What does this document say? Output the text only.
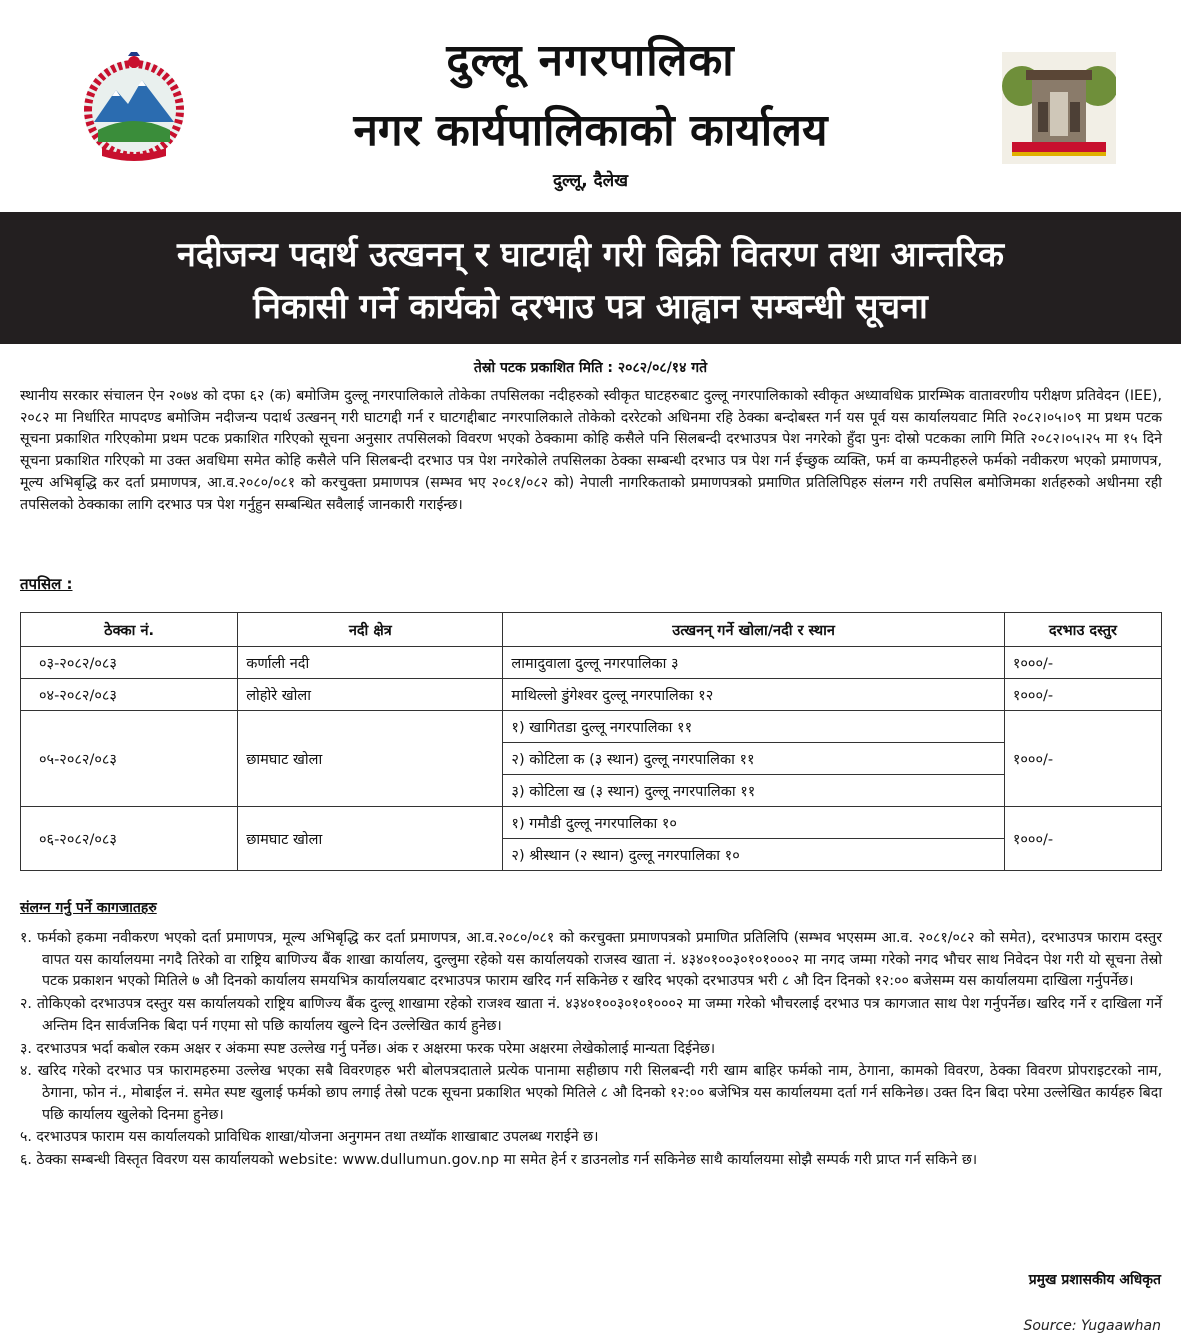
दुल्लू नगरपालिका
नगर कार्यपालिकाको कार्यालय
दुल्लू, दैलेख
नदीजन्य पदार्थ उत्खनन् र घाटगद्दी गरी बिक्री वितरण तथा आन्तरिक
निकासी गर्ने कार्यको दरभाउ पत्र आह्वान सम्बन्धी सूचना
तेस्रो पटक प्रकाशित मिति : २०८२/०८/१४ गते
स्थानीय सरकार संचालन ऐन २०७४ को दफा ६२ (क) बमोजिम दुल्लू नगरपालिकाले तोकेका तपसिलका नदीहरुको स्वीकृत घाटहरुबाट दुल्लू नगरपालिकाको स्वीकृत अध्यावधिक प्रारम्भिक वातावरणीय परीक्षण प्रतिवेदन (IEE), २०८२ मा निर्धारित मापदण्ड बमोजिम नदीजन्य पदार्थ उत्खनन् गरी घाटगद्दी गर्न र घाटगद्दीबाट नगरपालिकाले तोकेको दररेटको अधिनमा रहि ठेक्का बन्दोबस्त गर्न यस पूर्व यस कार्यालयवाट मिति २०८२।०५।०९ मा प्रथम पटक सूचना प्रकाशित गरिएकोमा प्रथम पटक प्रकाशित गरिएको सूचना अनुसार तपसिलको विवरण भएको ठेक्कामा कोहि कसैले पनि सिलबन्दी दरभाउपत्र पेश नगरेको हुँदा पुनः दोस्रो पटकका लागि मिति २०८२।०५।२५ मा १५ दिने सूचना प्रकाशित गरिएको मा उक्त अवधिमा समेत कोहि कसैले पनि सिलबन्दी दरभाउ पत्र पेश नगरेकोले तपसिलका ठेक्का सम्बन्धी दरभाउ पत्र पेश गर्न ईच्छुक व्यक्ति, फर्म वा कम्पनीहरुले फर्मको नवीकरण भएको प्रमाणपत्र, मूल्य अभिबृद्धि कर दर्ता प्रमाणपत्र, आ.व.२०८०/०८१ को करचुक्ता प्रमाणपत्र (सम्भव भए २०८१/०८२ को) नेपाली नागरिकताको प्रमाणपत्रको प्रमाणित प्रतिलिपिहरु संलग्न गरी तपसिल बमोजिमका शर्तहरुको अधीनमा रही तपसिलको ठेक्काका लागि दरभाउ पत्र पेश गर्नुहुन सम्बन्धित सवैलाई जानकारी गराईन्छ।
तपसिल :
ठेक्का नं.	नदी क्षेत्र	उत्खनन् गर्ने खोला/नदी र स्थान	दरभाउ दस्तुर
०३-२०८२/०८३	कर्णाली नदी	लामादुवाला दुल्लू नगरपालिका ३	१०००/-
०४-२०८२/०८३	लोहोरे खोला	माथिल्लो डुंगेश्वर दुल्लू नगरपालिका १२	१०००/-
०५-२०८२/०८३	छामघाट खोला	१) खागितडा दुल्लू नगरपालिका ११	१०००/-
		२) कोटिला क (३ स्थान) दुल्लू नगरपालिका ११	
		३) कोटिला ख (३ स्थान) दुल्लू नगरपालिका ११	
०६-२०८२/०८३	छामघाट खोला	१) गमौडी दुल्लू नगरपालिका १०	१०००/-
		२) श्रीस्थान (२ स्थान) दुल्लू नगरपालिका १०	
संलग्न गर्नु पर्ने कागजातहरु
१. फर्मको हकमा नवीकरण भएको दर्ता प्रमाणपत्र, मूल्य अभिबृद्धि कर दर्ता प्रमाणपत्र, आ.व.२०८०/०८१ को करचुक्ता प्रमाणपत्रको प्रमाणित प्रतिलिपि (सम्भव भएसम्म आ.व. २०८१/०८२ को समेत), दरभाउपत्र फाराम दस्तुर वापत यस कार्यालयमा नगदै तिरेको वा राष्ट्रिय बाणिज्य बैंक शाखा कार्यालय, दुल्लुमा रहेको यस कार्यालयको राजस्व खाता नं. ४३४०१००३०१०१०००२ मा नगद जम्मा गरेको नगद भौचर साथ निवेदन पेश गरी यो सूचना तेस्रो पटक प्रकाशन भएको मितिले ७ औ दिनको कार्यालय समयभित्र कार्यालयबाट दरभाउपत्र फाराम खरिद गर्न सकिनेछ र खरिद भएको दरभाउपत्र भरी ८ औ दिन दिनको १२:०० बजेसम्म यस कार्यालयमा दाखिला गर्नुपर्नेछ।
२. तोकिएको दरभाउपत्र दस्तुर यस कार्यालयको राष्ट्रिय बाणिज्य बैंक दुल्लू शाखामा रहेको राजश्व खाता नं. ४३४०१००३०१०१०००२ मा जम्मा गरेको भौचरलाई दरभाउ पत्र कागजात साथ पेश गर्नुपर्नेछ। खरिद गर्ने र दाखिला गर्ने अन्तिम दिन सार्वजनिक बिदा पर्न गएमा सो पछि कार्यालय खुल्ने दिन उल्लेखित कार्य हुनेछ।
३. दरभाउपत्र भर्दा कबोल रकम अक्षर र अंकमा स्पष्ट उल्लेख गर्नु पर्नेछ। अंक र अक्षरमा फरक परेमा अक्षरमा लेखेकोलाई मान्यता दिईनेछ।
४. खरिद गरेको दरभाउ पत्र फारामहरुमा उल्लेख भएका सबै विवरणहरु भरी बोलपत्रदाताले प्रत्येक पानामा सहीछाप गरी सिलबन्दी गरी खाम बाहिर फर्मको नाम, ठेगाना, कामको विवरण, ठेक्का विवरण प्रोपराइटरको नाम, ठेगाना, फोन नं., मोबाईल नं. समेत स्पष्ट खुलाई फर्मको छाप लगाई तेस्रो पटक सूचना प्रकाशित भएको मितिले ८ औ दिनको १२:०० बजेभित्र यस कार्यालयमा दर्ता गर्न सकिनेछ। उक्त दिन बिदा परेमा उल्लेखित कार्यहरु बिदा पछि कार्यालय खुलेको दिनमा हुनेछ।
५. दरभाउपत्र फाराम यस कार्यालयको प्राविधिक शाखा/योजना अनुगमन तथा तथ्यॉक शाखाबाट उपलब्ध गराईने छ।
६. ठेक्का सम्बन्धी विस्तृत विवरण यस कार्यालयको website: www.dullumun.gov.np मा समेत हेर्न र डाउनलोड गर्न सकिनेछ साथै कार्यालयमा सोझै सम्पर्क गरी प्राप्त गर्न सकिने छ।
प्रमुख प्रशासकीय अधिकृत
Source: Yugaawhan
